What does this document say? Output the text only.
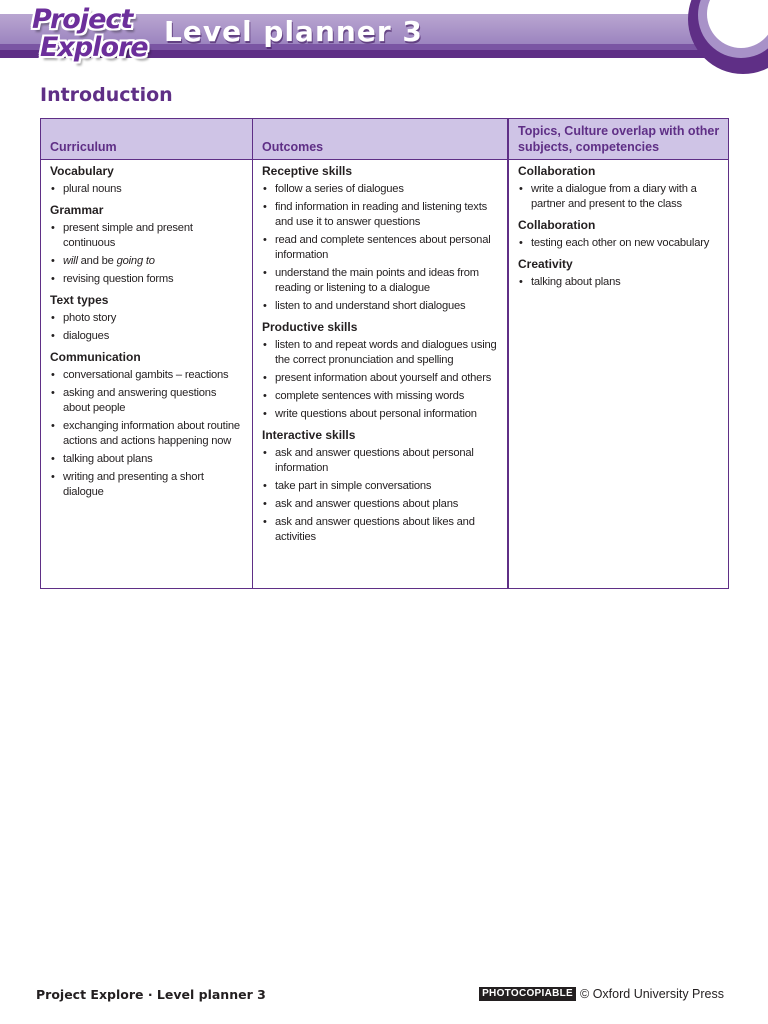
Project
Explore Level planner 3
Introduction
Curriculum	Outcomes
Topics, Culture overlap with other subjects, competencies

Vocabulary

• plural nouns

Grammar

• present simple and present continuous
• will and be going to
• revising question forms

Text types

• photo story
• dialogues

Communication

• conversational gambits – reactions
• asking and answering questions about people
• exchanging information about routine actions and actions happening now
• talking about plans
• writing and presenting a short dialogue

Receptive skills

• follow a series of dialogues
• find information in reading and listening texts and use it to answer questions
• read and complete sentences about personal information
• understand the main points and ideas from reading or listening to a dialogue
• listen to and understand short dialogues

Productive skills

• listen to and repeat words and dialogues using the correct pronunciation and spelling
• present information about yourself and others
• complete sentences with missing words
• write questions about personal information

Interactive skills

• ask and answer questions about personal information
• take part in simple conversations
• ask and answer questions about plans
• ask and answer questions about likes and activities

Collaboration

• write a dialogue from a diary with a partner and present to the class

Collaboration

• testing each other on new vocabulary

Creativity

• talking about plans
Project Explore · Level planner 3	PHOTOCOPIABLE © Oxford University Press
